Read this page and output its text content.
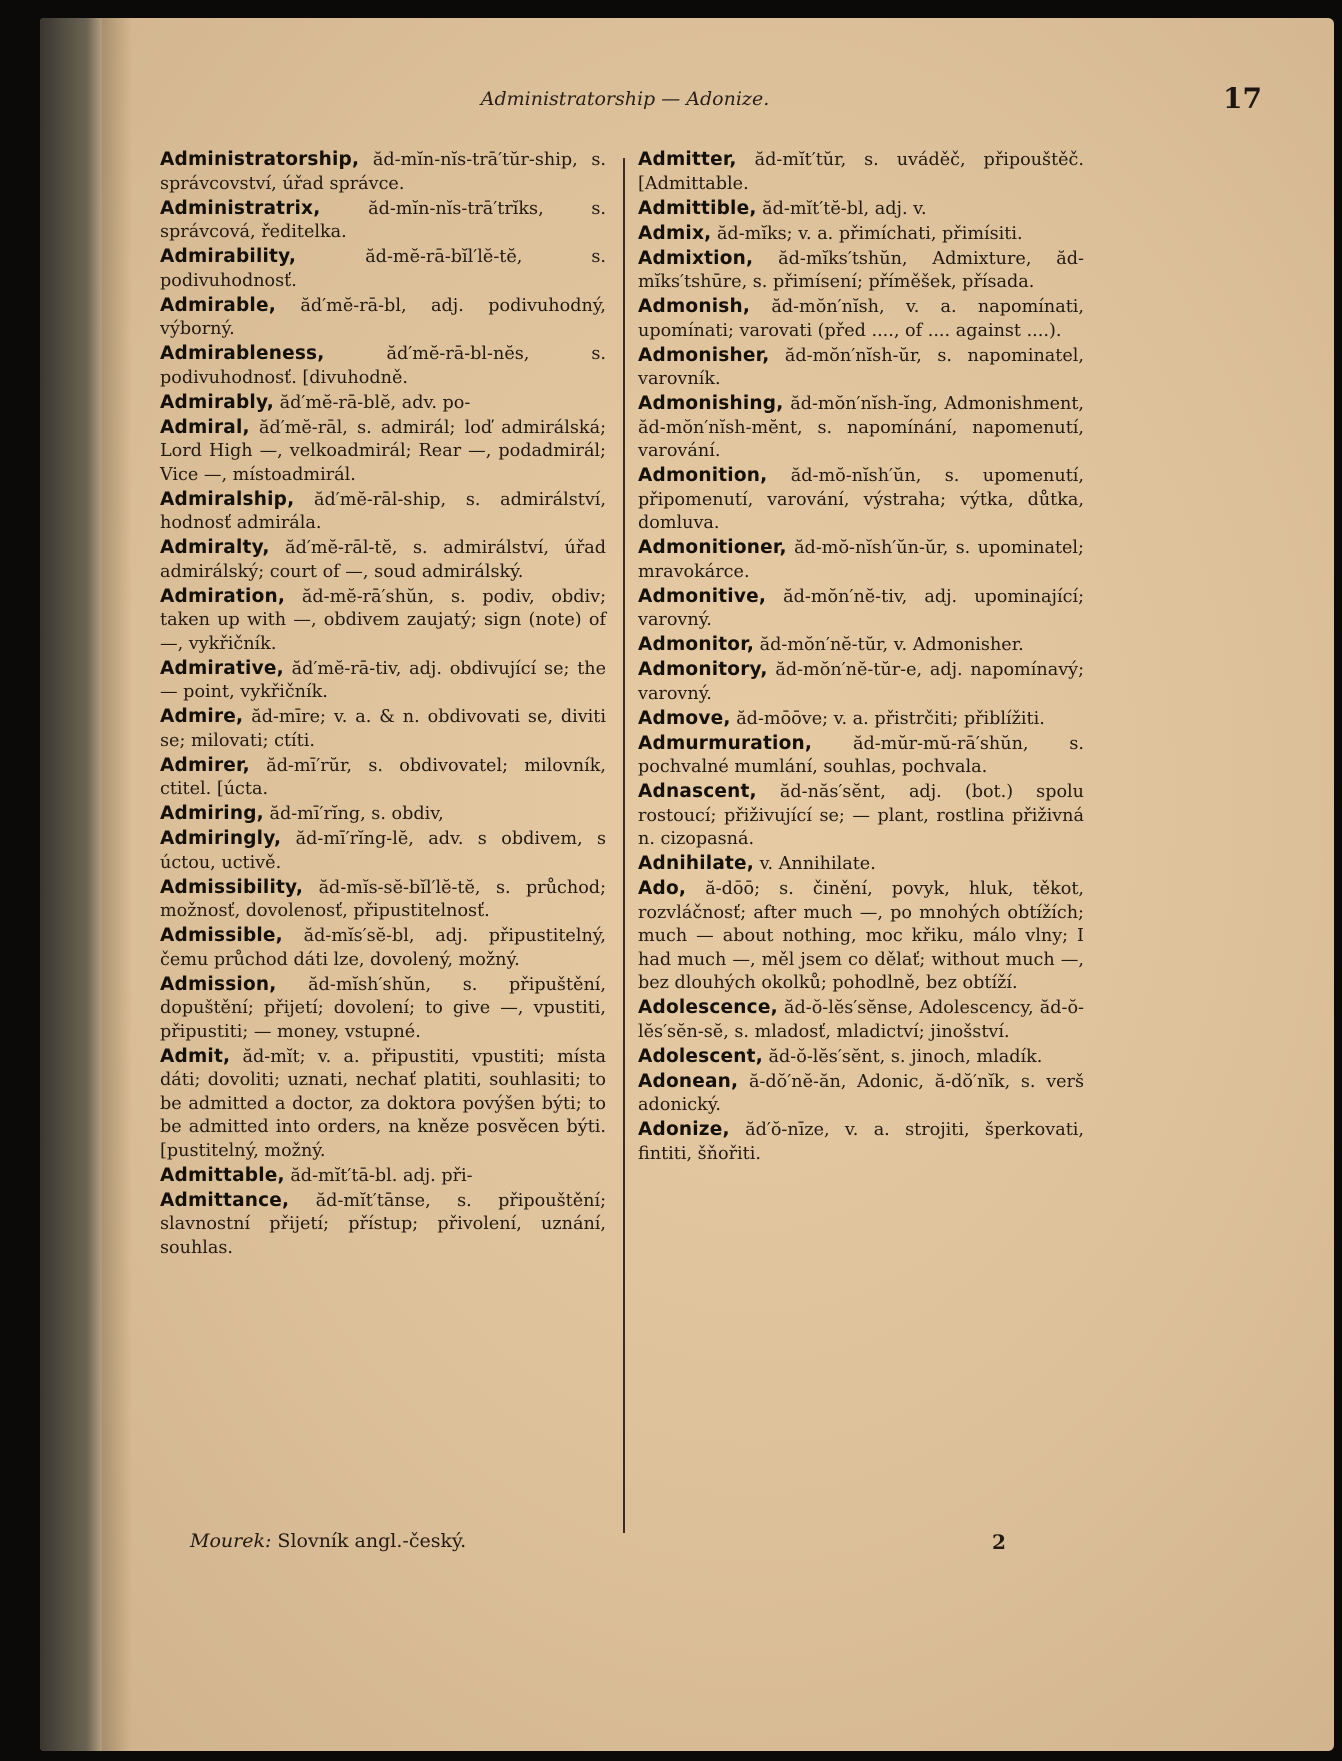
Administratorship — Adonize.	17

Administratorship, ăd-mĭn-nĭs-trā′tŭr-ship, s. správcovství, úřad správce.

Administratrix,	ăd-mĭn-nĭs-trā′trĭks, s. správcová, ředitelka.

Admirability,	ăd-mĕ-rā-bĭl′lĕ-tĕ, s. podivuhodnosť.

Admirable, ăd′mĕ-rā-bl, adj. podivuhodný, výborný.

Admirableness,	ăd′mĕ-rā-bl-nĕs, s. podivuhodnosť. [divuhodně.

Admirably, ăd′mĕ-rā-blĕ, adv. po-

Admiral, ăd′mĕ-rāl, s. admirál; loď admirálská; Lord High —, velkoadmirál; Rear —, podadmirál; Vice —, místoadmirál.

Admiralship, ăd′mĕ-rāl-ship, s. admirálství, hodnosť admirála.

Admiralty, ăd′mĕ-rāl-tĕ, s. admirálství, úřad admirálský; court of —, soud admirálský.

Admiration, ăd-mĕ-rā′shŭn, s. podiv, obdiv; taken up with —, obdivem zaujatý; sign (note) of —, vykřičník.

Admirative, ăd′mĕ-rā-tiv, adj. obdivující se; the — point, vykřičník.

Admire, ăd-mīre; v. a. & n. obdivovati se, diviti se; milovati; ctíti.

Admirer, ăd-mī′rŭr, s. obdivovatel; milovník, ctitel. [úcta.

Admiring, ăd-mī′rĭng, s. obdiv,

Admiringly, ăd-mī′rĭng-lĕ, adv. s obdivem, s úctou, uctivě.

Admissibility, ăd-mĭs-sĕ-bĭl′lĕ-tĕ, s. průchod; možnosť, dovolenosť, připustitelnosť.

Admissible, ăd-mĭs′sĕ-bl, adj. připustitelný, čemu průchod dáti lze, dovolený, možný.

Admission, ăd-mĭsh′shŭn, s. připuštění, dopuštění; přijetí; dovolení; to give —, vpustiti, připustiti; — money, vstupné.

Admit, ăd-mĭt; v. a. připustiti, vpustiti; místa dáti; dovoliti; uznati, nechať platiti, souhlasiti; to be admitted a doctor, za doktora povýšen býti; to be admitted into orders, na kněze posvěcen býti. [pustitelný, možný.

Admittable, ăd-mĭt′tā-bl. adj. při-

Admittance, ăd-mĭt′tānse, s. připouštění; slavnostní přijetí; přístup; přivolení, uznání, souhlas.

Admitter, ăd-mĭt′tŭr, s. uváděč, připouštěč. [Admittable.

Admittible, ăd-mĭt′tĕ-bl, adj. v.

Admix, ăd-mĭks; v. a. přimíchati, přimísiti.

Admixtion, ăd-mĭks′tshŭn, Admixture, ăd-mĭks′tshūre, s. přimísení; příměšek, přísada.

Admonish, ăd-mŏn′nĭsh, v. a. napomínati, upomínati; varovati (před ...., of .... against ....).

Admonisher, ăd-mŏn′nĭsh-ŭr, s. napominatel, varovník.

Admonishing, ăd-mŏn′nĭsh-ĭng, Admonishment, ăd-mŏn′nĭsh-mĕnt, s. napomínání, napomenutí, varování.

Admonition, ăd-mŏ-nĭsh′ŭn, s. upomenutí, připomenutí, varování, výstraha; výtka, důtka, domluva.

Admonitioner, ăd-mŏ-nĭsh′ŭn-ŭr, s. upominatel; mravokárce.

Admonitive, ăd-mŏn′nĕ-tiv, adj. upominající; varovný.

Admonitor, ăd-mŏn′nĕ-tŭr, v. Admonisher.

Admonitory, ăd-mŏn′nĕ-tŭr-e, adj. napomínavý; varovný.

Admove, ăd-mōōve; v. a. přistrčiti; přiblížiti.

Admurmuration, ăd-mŭr-mŭ-rā′shŭn, s. pochvalné mumlání, souhlas, pochvala.

Adnascent, ăd-năs′sĕnt, adj. (bot.) spolu rostoucí; přiživující se; — plant, rostlina přiživná n. cizopasná.

Adnihilate, v. Annihilate.

Ado, ă-dōō; s. činění, povyk, hluk, těkot, rozvláčnosť; after much —, po mnohých obtížích; much — about nothing, moc křiku, málo vlny; I had much —, měl jsem co dělať; without much —, bez dlouhých okolků; pohodlně, bez obtíží.

Adolescence, ăd-ŏ-lĕs′sĕnse, Adolescency, ăd-ŏ-lĕs′sĕn-sĕ, s. mladosť, mladictví; jinošství.

Adolescent, ăd-ŏ-lĕs′sĕnt, s. jinoch, mladík.

Adonean, ă-dŏ′nĕ-ăn, Adonic, ă-dŏ′nĭk, s. verš adonický.

Adonize, ăd′ŏ-nīze, v. a. strojiti, šperkovati, fintiti, šňořiti.

Mourek: Slovník angl.-český.	2
